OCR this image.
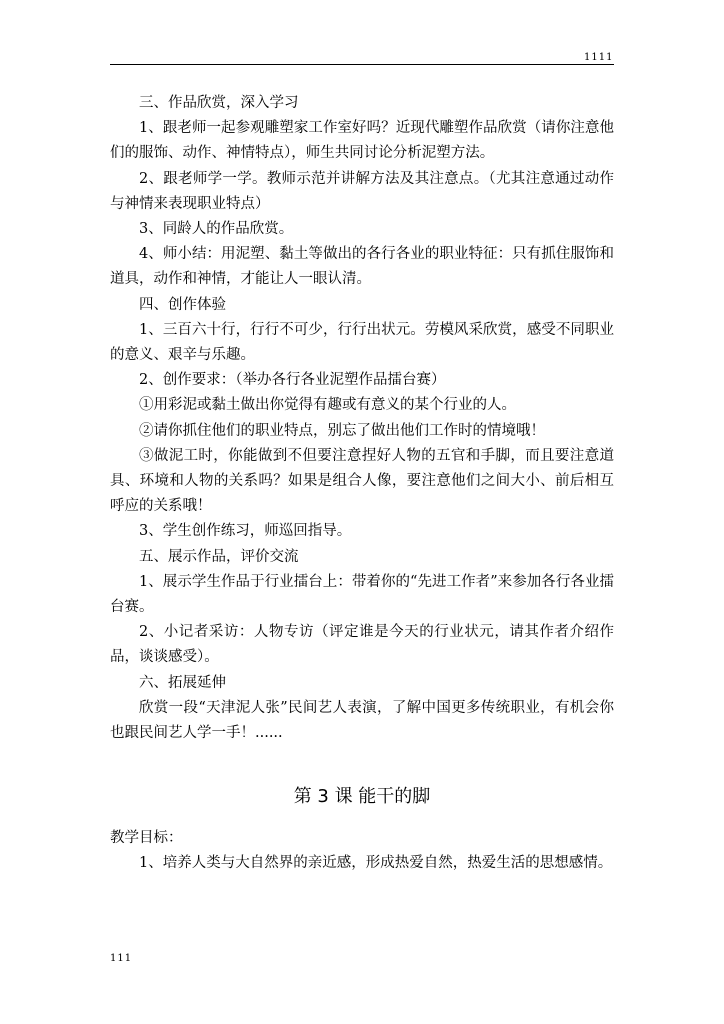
1111

三、作品欣赏，深入学习

1、跟老师一起参观雕塑家工作室好吗？近现代雕塑作品欣赏（请你注意他们的服饰、动作、神情特点），师生共同讨论分析泥塑方法。

2、跟老师学一学。教师示范并讲解方法及其注意点。（尤其注意通过动作与神情来表现职业特点）

3、同龄人的作品欣赏。

4、师小结：用泥塑、黏土等做出的各行各业的职业特征：只有抓住服饰和道具，动作和神情，才能让人一眼认清。

四、创作体验

1、三百六十行，行行不可少，行行出状元。劳模风采欣赏，感受不同职业的意义、艰辛与乐趣。

2、创作要求：（举办各行各业泥塑作品擂台赛）

①用彩泥或黏土做出你觉得有趣或有意义的某个行业的人。

②请你抓住他们的职业特点，别忘了做出他们工作时的情境哦！

③做泥工时，你能做到不但要注意捏好人物的五官和手脚，而且要注意道具、环境和人物的关系吗？如果是组合人像，要注意他们之间大小、前后相互呼应的关系哦！

3、学生创作练习，师巡回指导。

五、展示作品，评价交流

1、展示学生作品于行业擂台上：带着你的“先进工作者”来参加各行各业擂台赛。

2、小记者采访：人物专访（评定谁是今天的行业状元，请其作者介绍作品，谈谈感受）。

六、拓展延伸

欣赏一段“天津泥人张”民间艺人表演，了解中国更多传统职业，有机会你也跟民间艺人学一手！......

第 3 课 能干的脚

教学目标：

1、培养人类与大自然界的亲近感，形成热爱自然，热爱生活的思想感情。

111
